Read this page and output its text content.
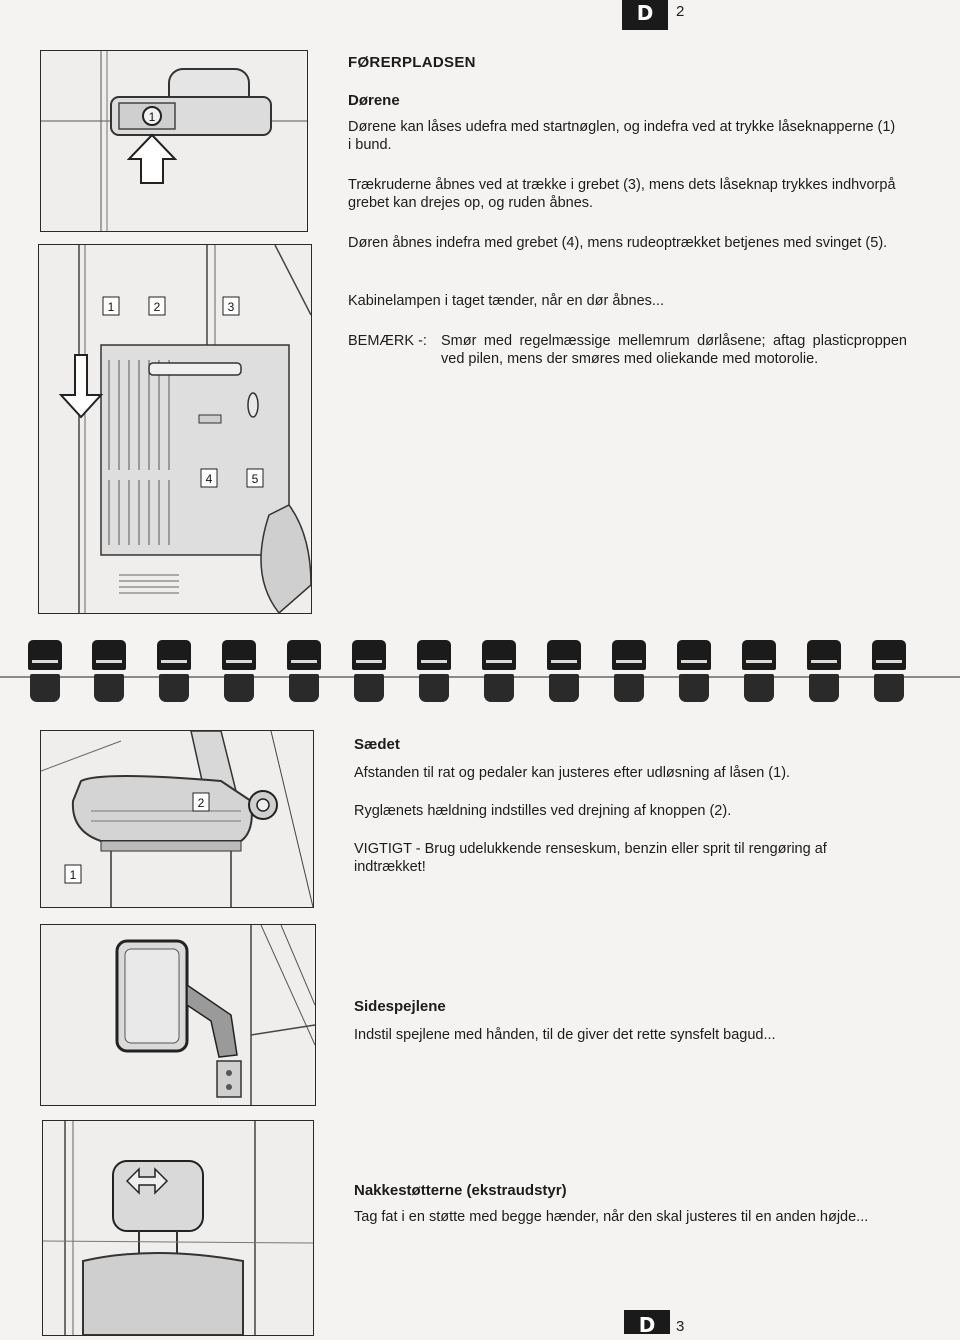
D	2
1
1	2	3
4	5
FØRERPLADSEN
Dørene

Dørene kan låses udefra med startnøglen, og indefra ved at trykke låseknapperne (1) i bund.

Trækruderne åbnes ved at trække i grebet (3), mens dets låseknap trykkes indhvorpå grebet kan drejes op, og ruden åbnes.

Døren åbnes indefra med grebet (4), mens rudeoptrækket betjenes med svinget (5).

Kabinelampen i taget tænder, når en dør åbnes...

BEMÆRK -: Smør med regelmæssige mellemrum dørlåsene; aftag plasticproppen ved pilen, mens der smøres med oliekande med motorolie.
2
1
Sædet

Afstanden til rat og pedaler kan justeres efter udløsning af låsen (1).

Ryglænets hældning indstilles ved drejning af knoppen (2).

VIGTIGT - Brug udelukkende renseskum, benzin eller sprit til rengøring af indtrækket!

Sidespejlene

Indstil spejlene med hånden, til de giver det rette synsfelt bagud...

Nakkestøtterne (ekstraudstyr)

Tag fat i en støtte med begge hænder, når den skal justeres til en anden højde...

D	3
